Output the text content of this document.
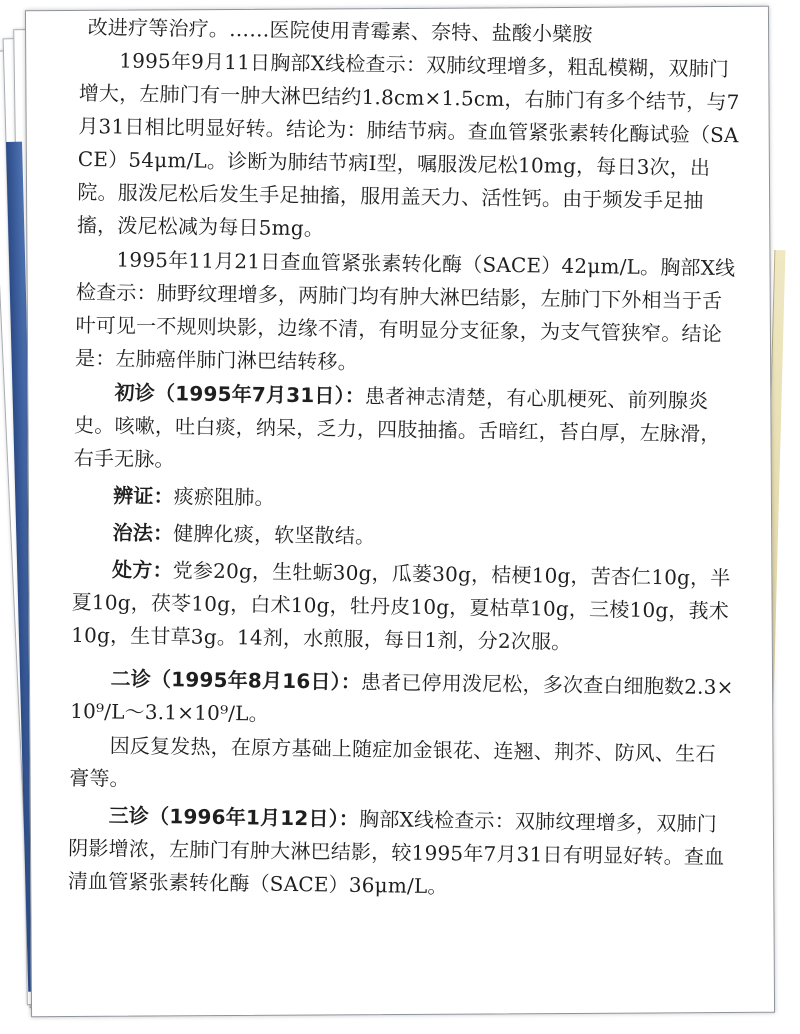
改进疗等治疗。……医院使用青霉素、奈特、盐酸小檗胺

1995年9月11日胸部X线检查示：双肺纹理增多，粗乱模糊，双肺门增大，左肺门有一肿大淋巴结约1.8cm×1.5cm，右肺门有多个结节，与7月31日相比明显好转。结论为：肺结节病。查血管紧张素转化酶试验（SACE）54μm/L。诊断为肺结节病Ⅰ型，嘱服泼尼松10mg，每日3次，出院。服泼尼松后发生手足抽搐，服用盖天力、活性钙。由于频发手足抽搐，泼尼松减为每日5mg。

1995年11月21日查血管紧张素转化酶（SACE）42μm/L。胸部X线检查示：肺野纹理增多，两肺门均有肿大淋巴结影，左肺门下外相当于舌叶可见一不规则块影，边缘不清，有明显分支征象，为支气管狭窄。结论是：左肺癌伴肺门淋巴结转移。

初诊（1995年7月31日）：患者神志清楚，有心肌梗死、前列腺炎史。咳嗽，吐白痰，纳呆，乏力，四肢抽搐。舌暗红，苔白厚，左脉滑，右手无脉。

辨证：痰瘀阻肺。

治法：健脾化痰，软坚散结。

处方：党参20g，生牡蛎30g，瓜蒌30g，桔梗10g，苦杏仁10g，半夏10g，茯苓10g，白术10g，牡丹皮10g，夏枯草10g，三棱10g，莪术10g，生甘草3g。14剂，水煎服，每日1剂，分2次服。

二诊（1995年8月16日）：患者已停用泼尼松，多次查白细胞数2.3×10⁹/L～3.1×10⁹/L。

因反复发热，在原方基础上随症加金银花、连翘、荆芥、防风、生石膏等。

三诊（1996年1月12日）：胸部X线检查示：双肺纹理增多，双肺门阴影增浓，左肺门有肿大淋巴结影，较1995年7月31日有明显好转。查血清血管紧张素转化酶（SACE）36μm/L。
